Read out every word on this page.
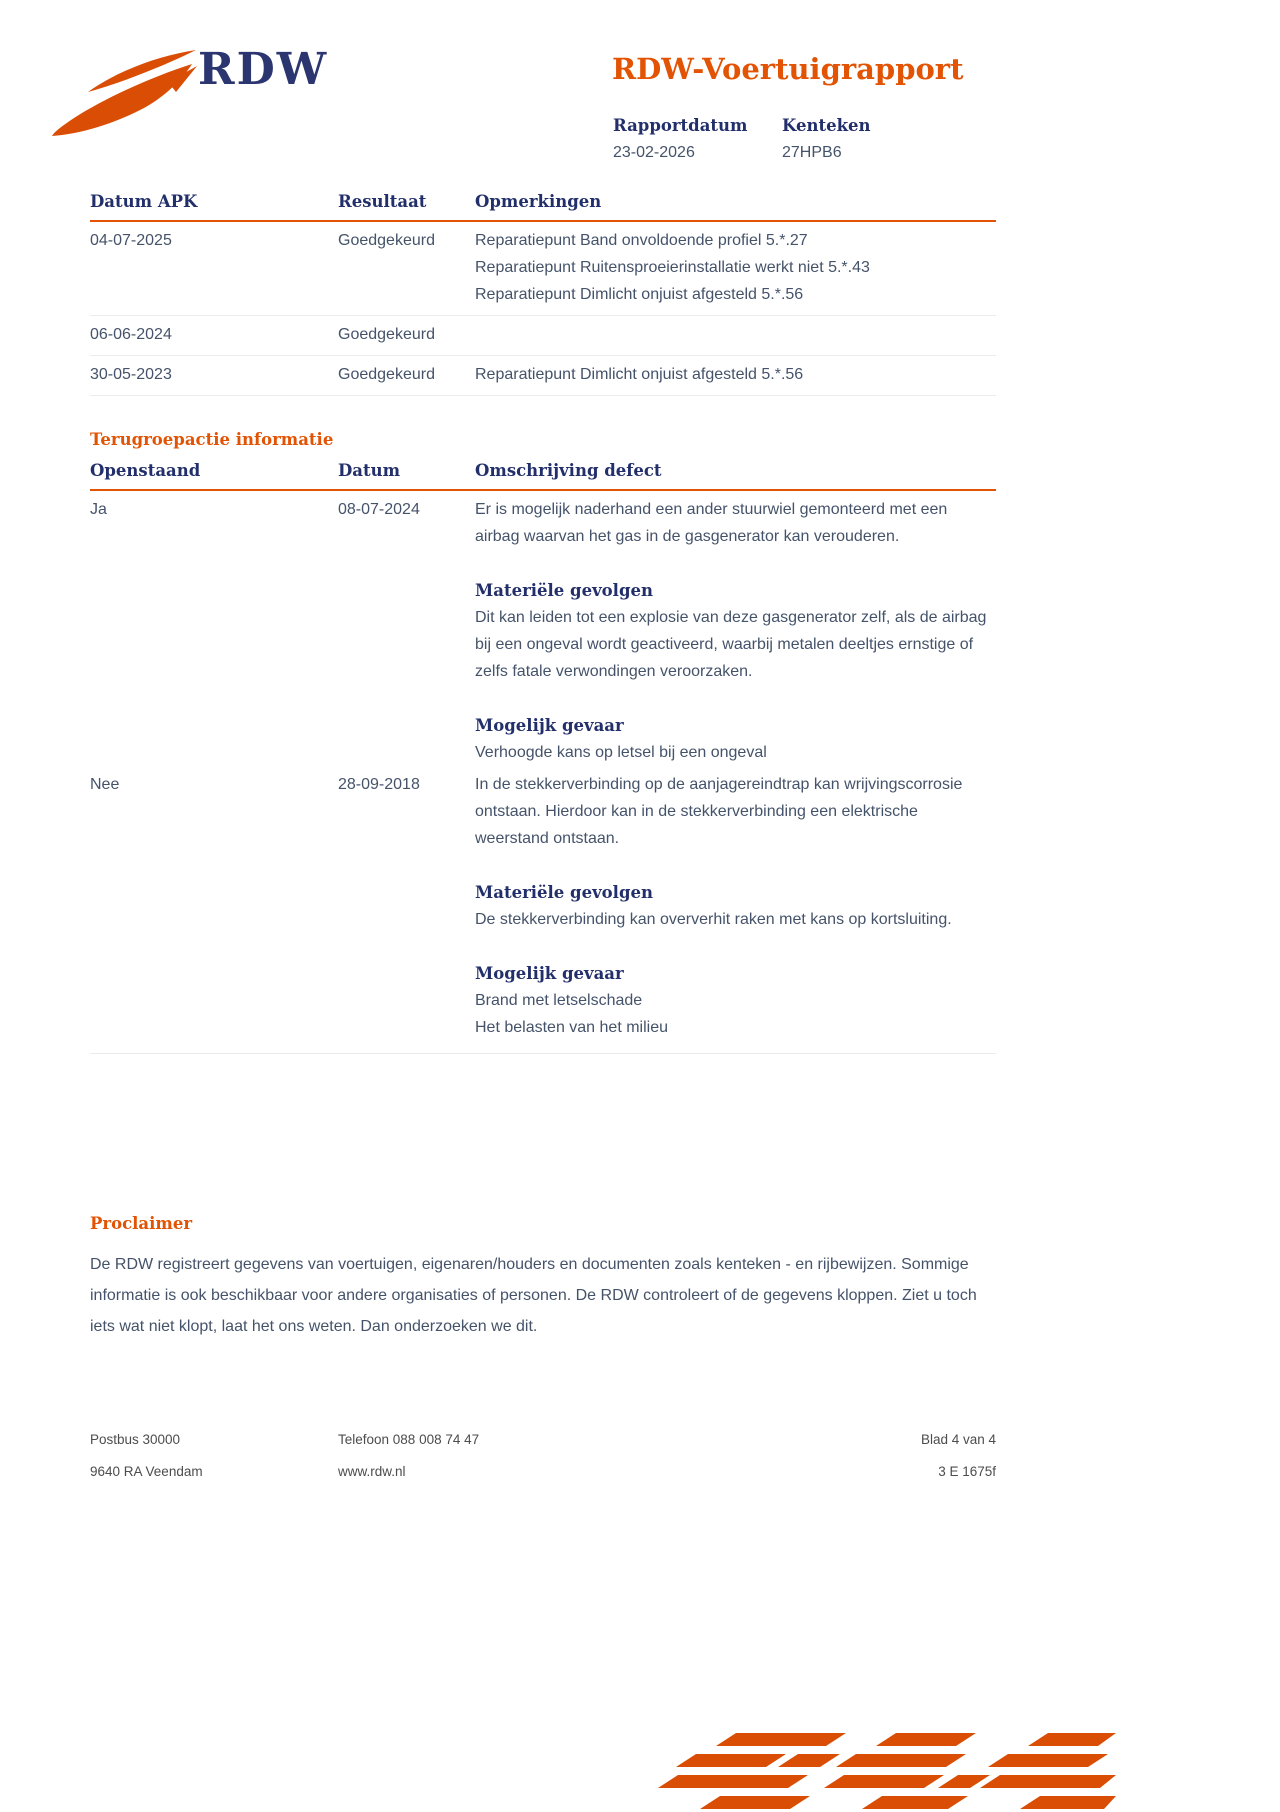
RDW	RDW-Voertuigrapport
Rapportdatum
23-02-2026
Kenteken
27HPB6
Datum APK	Resultaat	Opmerkingen
04-07-2025	Goedgekeurd	Reparatiepunt Band onvoldoende profiel 5.*.27
Reparatiepunt Ruitensproeierinstallatie werkt niet 5.*.43
Reparatiepunt Dimlicht onjuist afgesteld 5.*.56
06-06-2024	Goedgekeurd
30-05-2023	Goedgekeurd	Reparatiepunt Dimlicht onjuist afgesteld 5.*.56
Terugroepactie informatie
Openstaand	Datum	Omschrijving defect
Ja	08-07-2024	Er is mogelijk naderhand een ander stuurwiel gemonteerd met een airbag waarvan het gas in de gasgenerator kan verouderen.

Materiële gevolgen

Dit kan leiden tot een explosie van deze gasgenerator zelf, als de airbag bij een ongeval wordt geactiveerd, waarbij metalen deeltjes ernstige of zelfs fatale verwondingen veroorzaken.

Mogelijk gevaar

Verhoogde kans op letsel bij een ongeval

Nee	28-09-2018	In de stekkerverbinding op de aanjagereindtrap kan wrijvingscorrosie ontstaan. Hierdoor kan in de stekkerverbinding een elektrische weerstand ontstaan.

Materiële gevolgen

De stekkerverbinding kan oververhit raken met kans op kortsluiting.

Mogelijk gevaar

Brand met letselschade

Het belasten van het milieu

Proclaimer

De RDW registreert gegevens van voertuigen, eigenaren/houders en documenten zoals kenteken - en rijbewijzen. Sommige informatie is ook beschikbaar voor andere organisaties of personen. De RDW controleert of de gegevens kloppen. Ziet u toch iets wat niet klopt, laat het ons weten. Dan onderzoeken we dit.

Postbus 30000	Telefoon 088 008 74 47	Blad 4 van 4
9640 RA Veendam	www.rdw.nl	3 E 1675f
